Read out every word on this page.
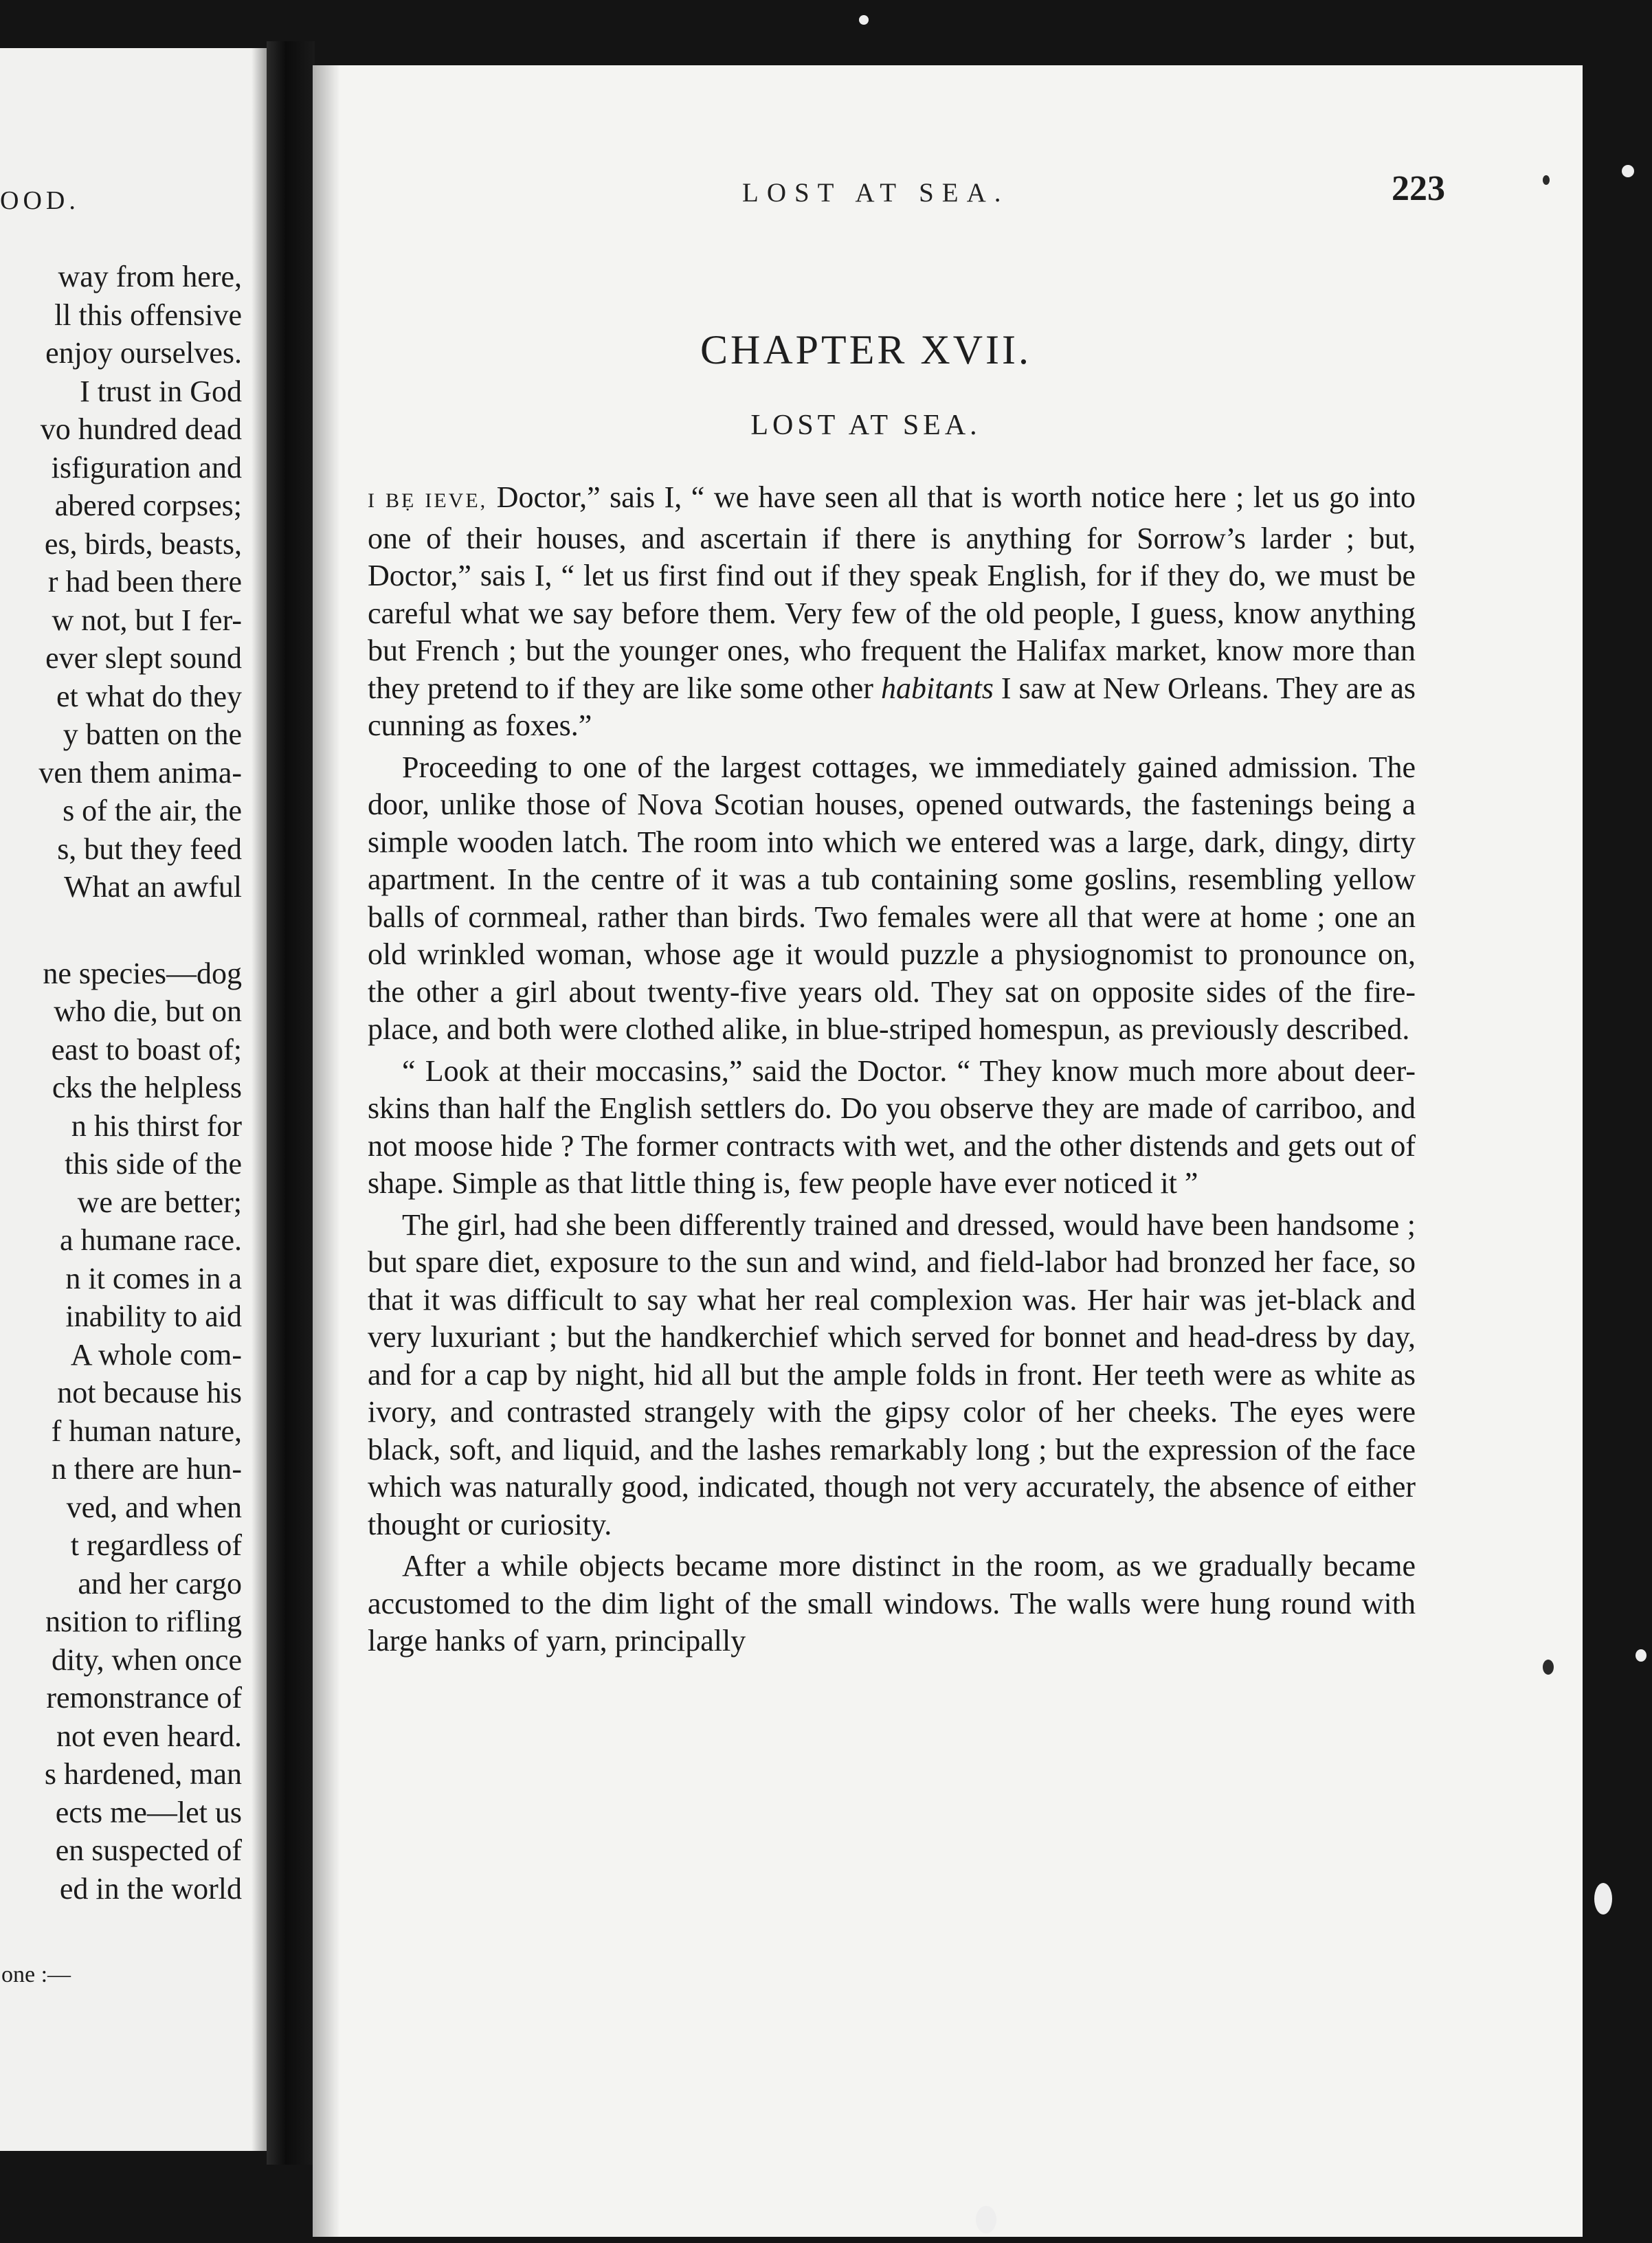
OOD.
way from here,
ll this offensive
enjoy ourselves.
I trust in God
vo hundred dead
isfiguration and
abered corpses;
es, birds, beasts,
r had been there
w not, but I fer-
ever slept sound
et what do they
y batten on the
ven them anima-
s of the air, the
s, but they feed
What an awful
ne species—dog
who die, but on
east to boast of;
cks the helpless
n his thirst for
this side of the
we are better;
a humane race.
n it comes in a
inability to aid
A whole com-
not because his
f human nature,
n there are hun-
ved, and when
t regardless of
and her cargo
nsition to rifling
dity, when once
remonstrance of
not even heard.
s hardened, man
ects me—let us
en suspected of
ed in the world
one :—
LOST AT SEA.	223
CHAPTER XVII.
LOST AT SEA.

I BẸ IEVE, Doctor,” sais I, “ we have seen all that is worth notice here ; let us go into one of their houses, and ascertain if there is anything for Sorrow’s larder ; but, Doctor,” sais I, “ let us first find out if they speak English, for if they do, we must be careful what we say before them. Very few of the old people, I guess, know anything but French ; but the younger ones, who frequent the Halifax market, know more than they pretend to if they are like some other habitants I saw at New Orleans. They are as cunning as foxes.”

Proceeding to one of the largest cottages, we immediately gained admission. The door, unlike those of Nova Scotian houses, opened outwards, the fastenings being a simple wooden latch. The room into which we entered was a large, dark, dingy, dirty apartment. In the centre of it was a tub containing some goslins, resembling yellow balls of cornmeal, rather than birds. Two females were all that were at home ; one an old wrinkled woman, whose age it would puzzle a physiognomist to pronounce on, the other a girl about twenty-five years old. They sat on opposite sides of the fire-place, and both were clothed alike, in blue-striped homespun, as previously described.

“ Look at their moccasins,” said the Doctor. “ They know much more about deer-skins than half the English settlers do. Do you observe they are made of carriboo, and not moose hide ? The former contracts with wet, and the other distends and gets out of shape. Simple as that little thing is, few people have ever noticed it ”

The girl, had she been differently trained and dressed, would have been handsome ; but spare diet, exposure to the sun and wind, and field-labor had bronzed her face, so that it was difficult to say what her real complexion was. Her hair was jet-black and very luxuriant ; but the handkerchief which served for bonnet and head-dress by day, and for a cap by night, hid all but the ample folds in front. Her teeth were as white as ivory, and contrasted strangely with the gipsy color of her cheeks. The eyes were black, soft, and liquid, and the lashes remarkably long ; but the expression of the face which was naturally good, indicated, though not very accurately, the absence of either thought or curiosity.

After a while objects became more distinct in the room, as we gradually became accustomed to the dim light of the small windows. The walls were hung round with large hanks of yarn, principally
